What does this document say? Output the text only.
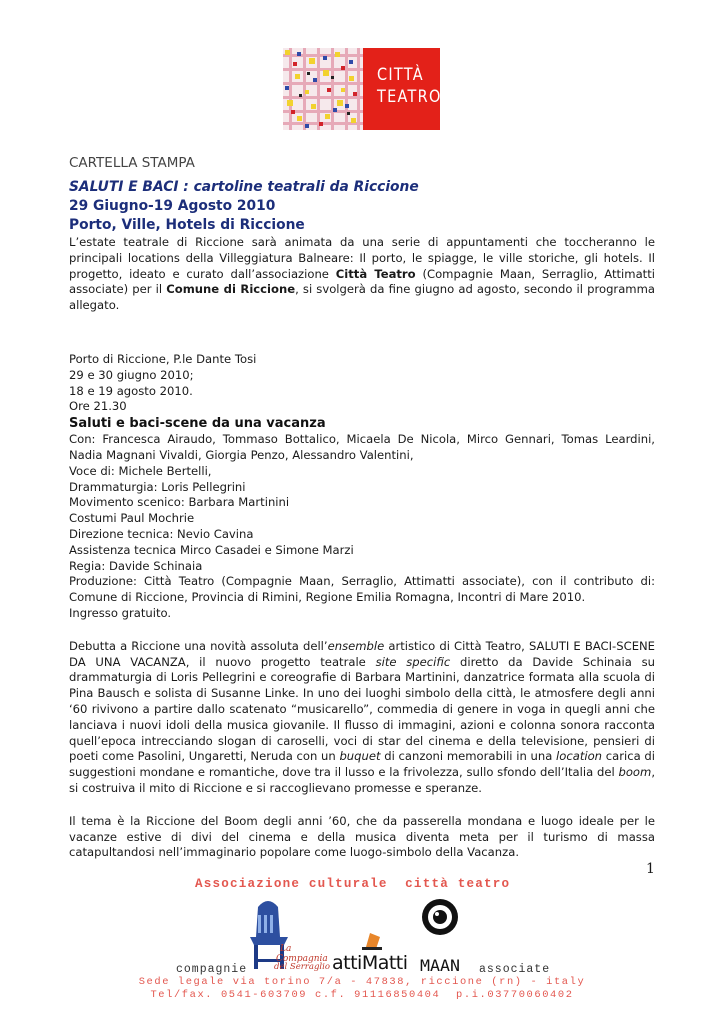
CITTÀ
TEATRO
CARTELLA STAMPA
SALUTI E BACI : cartoline teatrali da Riccione
29 Giugno-19 Agosto 2010
Porto, Ville, Hotels di Riccione

L’estate teatrale di Riccione sarà animata da una serie di appuntamenti che toccheranno le principali locations della Villeggiatura Balneare: Il porto, le spiagge, le ville storiche, gli hotels. Il progetto, ideato e curato dall’associazione Città Teatro (Compagnie Maan, Serraglio, Attimatti associate) per il Comune di Riccione, si svolgerà da fine giugno ad agosto, secondo il programma allegato.

Porto di Riccione, P.le Dante Tosi

29 e 30 giugno 2010;

18 e 19 agosto 2010.

Ore 21.30

Saluti e baci-scene da una vacanza

Con: Francesca Airaudo, Tommaso Bottalico, Micaela De Nicola, Mirco Gennari, Tomas Leardini, Nadia Magnani Vivaldi, Giorgia Penzo, Alessandro Valentini,

Voce di: Michele Bertelli,

Drammaturgia: Loris Pellegrini

Movimento scenico: Barbara Martinini

Costumi Paul Mochrie

Direzione tecnica: Nevio Cavina

Assistenza tecnica Mirco Casadei e Simone Marzi

Regia: Davide Schinaia

Produzione: Città Teatro (Compagnie Maan, Serraglio, Attimatti associate), con il contributo di: Comune di Riccione, Provincia di Rimini, Regione Emilia Romagna, Incontri di Mare 2010.

Ingresso gratuito.

Debutta a Riccione una novità assoluta dell’ensemble artistico di Città Teatro, SALUTI E BACI-SCENE DA UNA VACANZA, il nuovo progetto teatrale site specific diretto da Davide Schinaia su drammaturgia di Loris Pellegrini e coreografie di Barbara Martinini, danzatrice formata alla scuola di Pina Bausch e solista di Susanne Linke. In uno dei luoghi simbolo della città, le atmosfere degli anni ‘60 rivivono a partire dallo scatenato “musicarello”, commedia di genere in voga in quegli anni che lanciava i nuovi idoli della musica giovanile. Il flusso di immagini, azioni e colonna sonora racconta quell’epoca intrecciando slogan di caroselli, voci di star del cinema e della televisione, pensieri di poeti come Pasolini, Ungaretti, Neruda con un buquet di canzoni memorabili in una location carica di suggestioni mondane e romantiche, dove tra il lusso e la frivolezza, sullo sfondo dell’Italia del boom, si costruiva il mito di Riccione e si raccoglievano promesse e speranze.

Il tema è la Riccione del Boom degli anni ’60, che da passerella mondana e luogo ideale per le vacanze estive di divi del cinema e della musica diventa meta per il turismo di massa catapultandosi nell’immaginario popolare come luogo-simbolo della Vacanza.

1
Associazione culturale  città teatro
La
Compagnia
del Serraglio attiMatti MAAN
compagnie	associate
Sede legale via torino 7/a - 47838, riccione (rn) - italy
Tel/fax. 0541-603709 c.f. 91116850404  p.i.03770060402
